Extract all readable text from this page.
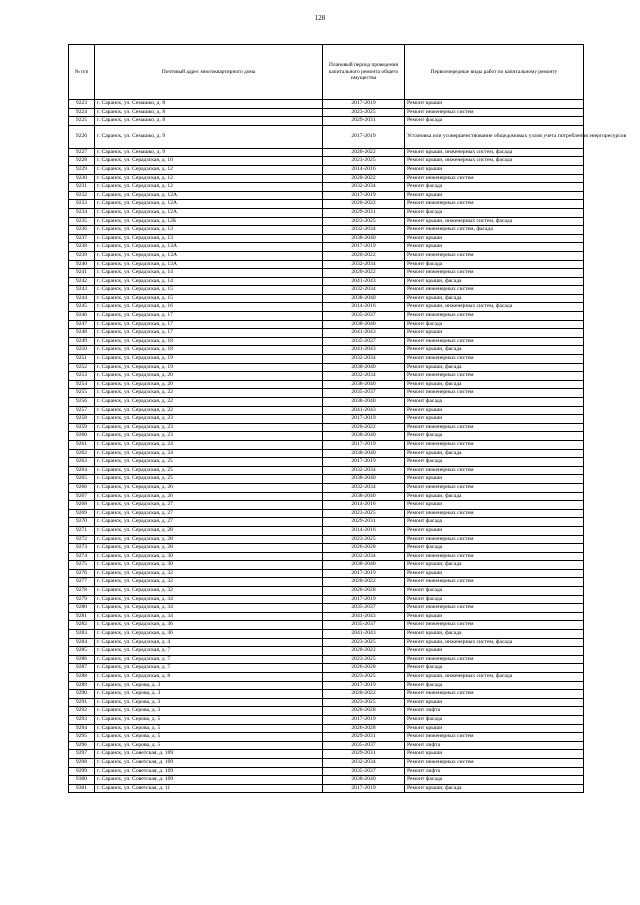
128
№ п/п	Почтовый адрес многоквартирного дома	Плановый период проведения капитального ремонта общего имущества	Первоочередные виды работ по капитальному ремонту
9223	г. Саранск, ул. Семашко, д. 8	2017-2019	Ремонт крыши
9224	г. Саранск, ул. Семашко, д. 8	2023-2025	Ремонт инженерных систем
9225	г. Саранск, ул. Семашко, д. 8	2029-2031	Ремонт фасада
9226	г. Саранск, ул. Семашко, д. 9	2017-2019	Установка или усовершенствование общедомовых узлов учета потребления энергоресурсов
9227	г. Саранск, ул. Семашко, д. 9	2020-2022	Ремонт крыши, инженерных систем, фасада
9228	г. Саранск, ул. Серадзская, д. 10	2023-2025	Ремонт крыши, инженерных систем, фасада
9229	г. Саранск, ул. Серадзская, д. 12	2014-2016	Ремонт крыши
9230	г. Саранск, ул. Серадзская, д. 12	2020-2022	Ремонт инженерных систем
9231	г. Саранск, ул. Серадзская, д. 12	2032-2034	Ремонт фасада
9232	г. Саранск, ул. Серадзская, д. 12А	2017-2019	Ремонт крыши
9233	г. Саранск, ул. Серадзская, д. 12А	2020-2022	Ремонт инженерных систем
9234	г. Саранск, ул. Серадзская, д. 12А	2029-2031	Ремонт фасада
9235	г. Саранск, ул. Серадзская, д. 12Б	2023-2025	Ремонт крыши, инженерных систем, фасада
9236	г. Саранск, ул. Серадзская, д. 13	2032-2034	Ремонт инженерных систем, фасада
9237	г. Саранск, ул. Серадзская, д. 13	2038-2040	Ремонт крыши
9238	г. Саранск, ул. Серадзская, д. 13А	2017-2019	Ремонт крыши
9239	г. Саранск, ул. Серадзская, д. 13А	2020-2022	Ремонт инженерных систем
9240	г. Саранск, ул. Серадзская, д. 13А	2032-2034	Ремонт фасада
9241	г. Саранск, ул. Серадзская, д. 14	2020-2022	Ремонт инженерных систем
9242	г. Саранск, ул. Серадзская, д. 14	2041-2043	Ремонт крыши, фасада
9243	г. Саранск, ул. Серадзская, д. 15	2032-2034	Ремонт инженерных систем
9244	г. Саранск, ул. Серадзская, д. 15	2038-2040	Ремонт крыши, фасада
9245	г. Саранск, ул. Серадзская, д. 16	2014-2016	Ремонт крыши, инженерных систем, фасада
9246	г. Саранск, ул. Серадзская, д. 17	2035-2037	Ремонт инженерных систем
9247	г. Саранск, ул. Серадзская, д. 17	2038-2040	Ремонт фасада
9248	г. Саранск, ул. Серадзская, д. 17	2041-2043	Ремонт крыши
9249	г. Саранск, ул. Серадзская, д. 18	2035-2037	Ремонт инженерных систем
9250	г. Саранск, ул. Серадзская, д. 18	2041-2043	Ремонт крыши, фасада
9251	г. Саранск, ул. Серадзская, д. 19	2032-2034	Ремонт инженерных систем
9252	г. Саранск, ул. Серадзская, д. 19	2038-2040	Ремонт крыши, фасада
9253	г. Саранск, ул. Серадзская, д. 20	2032-2034	Ремонт инженерных систем
9254	г. Саранск, ул. Серадзская, д. 20	2038-2040	Ремонт крыши, фасада
9255	г. Саранск, ул. Серадзская, д. 22	2035-2037	Ремонт инженерных систем
9256	г. Саранск, ул. Серадзская, д. 22	2038-2040	Ремонт фасада
9257	г. Саранск, ул. Серадзская, д. 22	2041-2043	Ремонт крыши
9258	г. Саранск, ул. Серадзская, д. 23	2017-2019	Ремонт крыши
9259	г. Саранск, ул. Серадзская, д. 23	2020-2022	Ремонт инженерных систем
9260	г. Саранск, ул. Серадзская, д. 23	2038-2040	Ремонт фасада
9261	г. Саранск, ул. Серадзская, д. 24	2017-2019	Ремонт инженерных систем
9262	г. Саранск, ул. Серадзская, д. 24	2038-2040	Ремонт крыши, фасада
9263	г. Саранск, ул. Серадзская, д. 25	2017-2019	Ремонт фасада
9264	г. Саранск, ул. Серадзская, д. 25	2032-2034	Ремонт инженерных систем
9265	г. Саранск, ул. Серадзская, д. 25	2038-2040	Ремонт крыши
9266	г. Саранск, ул. Серадзская, д. 26	2032-2034	Ремонт инженерных систем
9267	г. Саранск, ул. Серадзская, д. 26	2038-2040	Ремонт крыши, фасада
9268	г. Саранск, ул. Серадзская, д. 27	2014-2016	Ремонт крыши
9269	г. Саранск, ул. Серадзская, д. 27	2023-2025	Ремонт инженерных систем
9270	г. Саранск, ул. Серадзская, д. 27	2029-2031	Ремонт фасада
9271	г. Саранск, ул. Серадзская, д. 28	2014-2016	Ремонт крыши
9272	г. Саранск, ул. Серадзская, д. 28	2023-2025	Ремонт инженерных систем
9273	г. Саранск, ул. Серадзская, д. 28	2026-2028	Ремонт фасада
9274	г. Саранск, ул. Серадзская, д. 30	2032-2034	Ремонт инженерных систем
9275	г. Саранск, ул. Серадзская, д. 30	2038-2040	Ремонт крыши, фасада
9276	г. Саранск, ул. Серадзская, д. 32	2017-2019	Ремонт крыши
9277	г. Саранск, ул. Серадзская, д. 32	2020-2022	Ремонт инженерных систем
9278	г. Саранск, ул. Серадзская, д. 32	2026-2028	Ремонт фасада
9279	г. Саранск, ул. Серадзская, д. 34	2017-2019	Ремонт фасада
9280	г. Саранск, ул. Серадзская, д. 34	2035-2037	Ремонт инженерных систем
9281	г. Саранск, ул. Серадзская, д. 34	2041-2043	Ремонт крыши
9282	г. Саранск, ул. Серадзская, д. 36	2035-2037	Ремонт инженерных систем
9283	г. Саранск, ул. Серадзская, д. 36	2041-2043	Ремонт крыши, фасада
9284	г. Саранск, ул. Серадзская, д. 4	2023-2025	Ремонт крыши, инженерных систем, фасада
9285	г. Саранск, ул. Серадзская, д. 7	2020-2022	Ремонт крыши
9286	г. Саранск, ул. Серадзская, д. 7	2023-2025	Ремонт инженерных систем
9287	г. Саранск, ул. Серадзская, д. 7	2026-2028	Ремонт фасада
9288	г. Саранск, ул. Серадзская, д. 8	2023-2025	Ремонт крыши, инженерных систем, фасада
9289	г. Саранск, ул. Серова, д. 3	2017-2019	Ремонт фасада
9290	г. Саранск, ул. Серова, д. 3	2020-2022	Ремонт инженерных систем
9291	г. Саранск, ул. Серова, д. 3	2023-2025	Ремонт крыши
9292	г. Саранск, ул. Серова, д. 3	2026-2028	Ремонт лифта
9293	г. Саранск, ул. Серова, д. 5	2017-2019	Ремонт фасада
9294	г. Саранск, ул. Серова, д. 5	2026-2028	Ремонт крыши
9295	г. Саранск, ул. Серова, д. 5	2029-2031	Ремонт инженерных систем
9296	г. Саранск, ул. Серова, д. 5	2035-2037	Ремонт лифта
9297	г. Саранск, ул. Советская, д. 109	2029-2031	Ремонт крыши
9298	г. Саранск, ул. Советская, д. 109	2032-2034	Ремонт инженерных систем
9299	г. Саранск, ул. Советская, д. 109	2035-2037	Ремонт лифта
9300	г. Саранск, ул. Советская, д. 109	2038-2040	Ремонт фасада
9301	г. Саранск, ул. Советская, д. 11	2017-2019	Ремонт крыши, фасада
